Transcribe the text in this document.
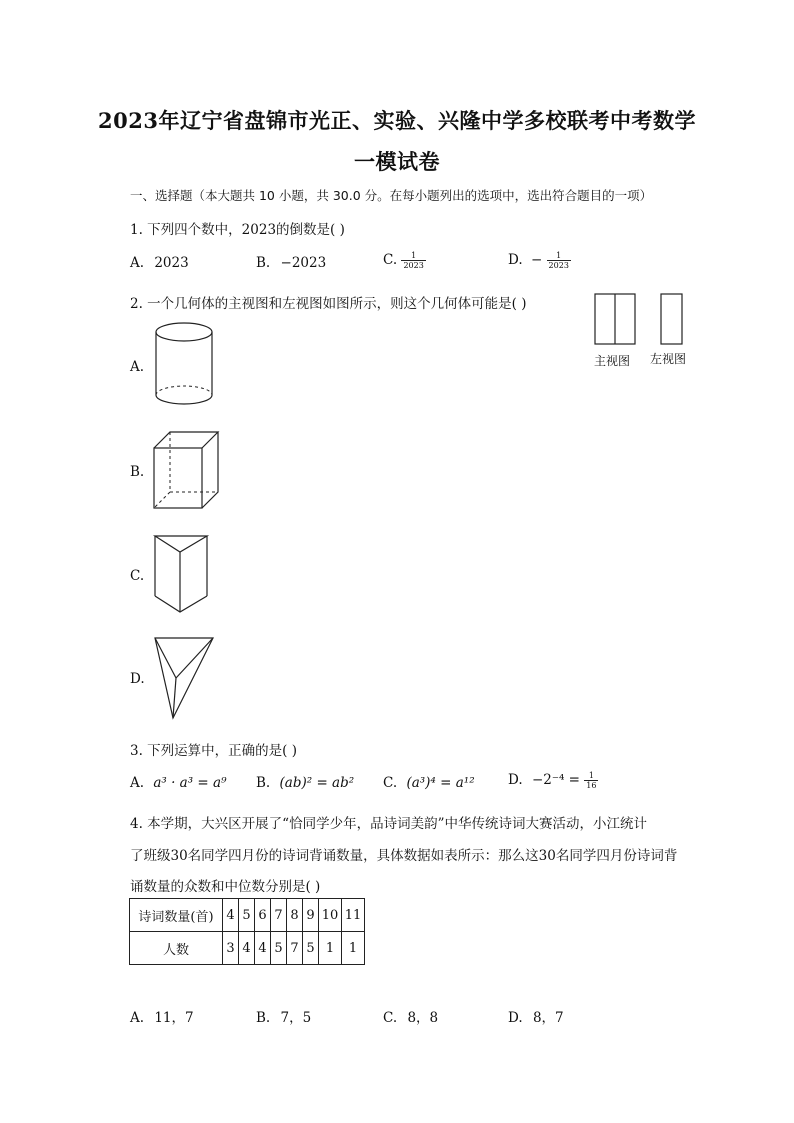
2023年辽宁省盘锦市光正、实验、兴隆中学多校联考中考数学
一模试卷
一、选择题（本大题共 10 小题，共 30.0 分。在每小题列出的选项中，选出符合题目的一项）
1. 下列四个数中，2023的倒数是( )
A. 2023	B. −2023	C. $\frac{1}{2023}$	D. − $\frac{1}{2023}$
2. 一个几何体的主视图和左视图如图所示，则这个几何体可能是( )
主视图 左视图
A.
B.
C.
D.
3. 下列运算中，正确的是( )
A. a³ · a³ = a⁹ B. (ab)² = ab² C. (a³)⁴ = a¹² D. $-2^{-4} = \frac{1}{16}$
4. 本学期，大兴区开展了“恰同学少年，品诗词美韵”中华传统诗词大赛活动，小江统计
了班级30名同学四月份的诗词背诵数量，具体数据如表所示：那么这30名同学四月份诗词背
诵数量的众数和中位数分别是( )
诗词数量(首)	4	5	6	7	8	9	10	11
人数	3	4	4	5	7	5	1	1
A. 11，7	B. 7，5	C. 8，8	D. 8，7
